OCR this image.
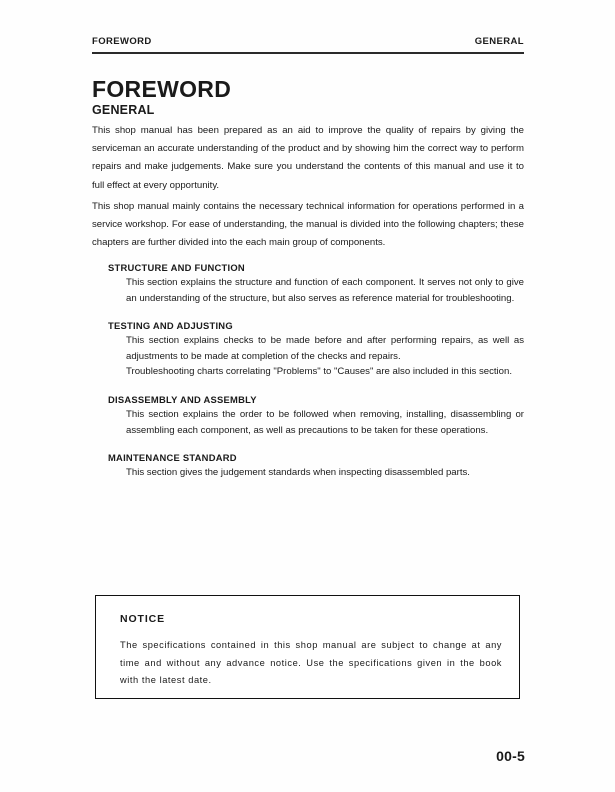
FOREWORD	GENERAL
FOREWORD
GENERAL

This shop manual has been prepared as an aid to improve the quality of repairs by giving the serviceman an accurate understanding of the product and by showing him the correct way to perform repairs and make judgements. Make sure you understand the contents of this manual and use it to full effect at every opportunity.

This shop manual mainly contains the necessary technical information for operations performed in a service workshop. For ease of understanding, the manual is divided into the following chapters; these chapters are further divided into the each main group of components.

STRUCTURE AND FUNCTION

This section explains the structure and function of each component. It serves not only to give an understanding of the structure, but also serves as reference material for troubleshooting.

TESTING AND ADJUSTING

This section explains checks to be made before and after performing repairs, as well as adjustments to be made at completion of the checks and repairs.

Troubleshooting charts correlating "Problems" to "Causes" are also included in this section.

DISASSEMBLY AND ASSEMBLY

This section explains the order to be followed when removing, installing, disassembling or assembling each component, as well as precautions to be taken for these operations.

MAINTENANCE STANDARD

This section gives the judgement standards when inspecting disassembled parts.

NOTICE

The specifications contained in this shop manual are subject to change at any time and without any advance notice. Use the specifications given in the book with the latest date.

00-5
